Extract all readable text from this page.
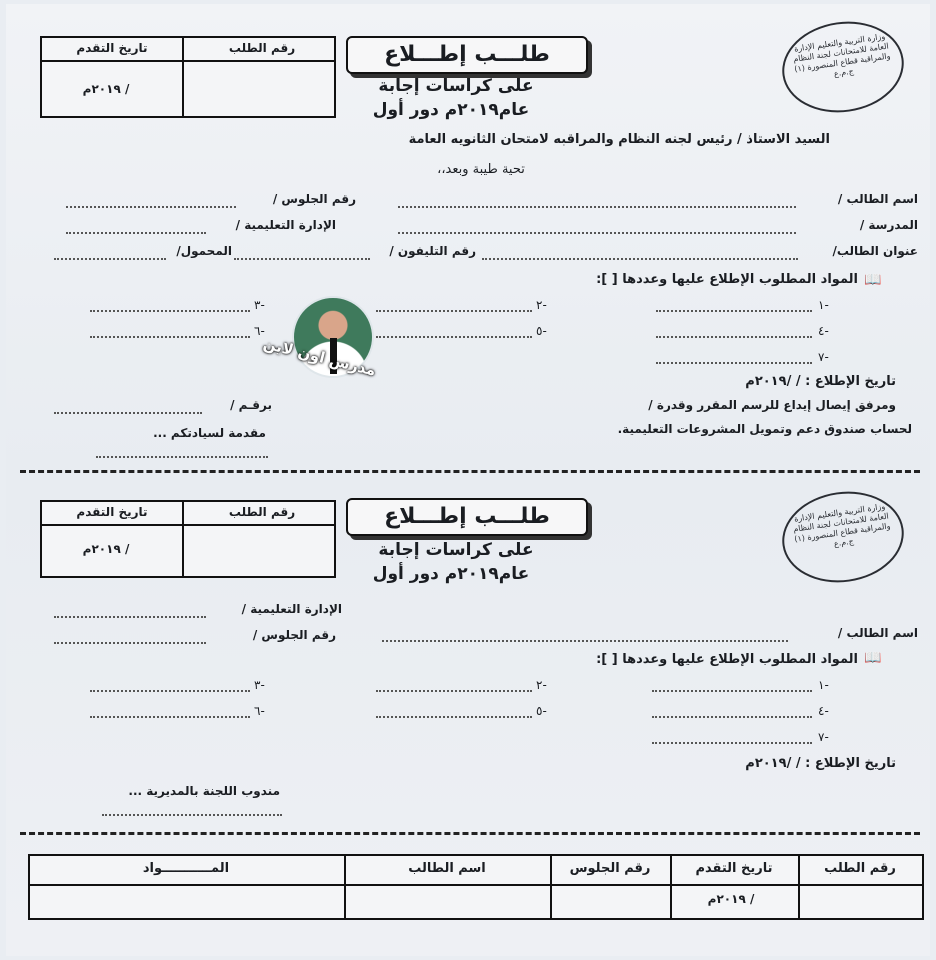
رقم الطلب
تاريخ التقدم
/ ٢٠١٩م
طلـــب إطـــلاع
على كراسات إجابة
عام٢٠١٩م دور أول
وزارة التربية والتعليم الإدارة العامة للامتحانات لجنة النظام والمراقبة قطاع المنصورة (١) ج.م.ع
السيد الاستاذ / رئيس لجنه النظام والمراقبه لامتحان الثانويه العامة
تحية طيبة وبعد،،
اسم الطالب /
رقم الجلوس /
المدرسة /
الإدارة التعليمية /
عنوان الطالب/
رقم التليفون /
المحمول/
📖
المواد المطلوب الإطلاع عليها وعددها [ ]:
١-
٢-
٣-
٤-
٥-
٦-
٧-
تاريخ الإطلاع : / /٢٠١٩م
ومرفق إيصال إيداع للرسم المقرر وقدرة /
برقـم /
لحساب صندوق دعم وتمويل المشروعات التعليمية.
مقدمة لسيادتكم ...
مدرس اون لاين
رقم الطلب
تاريخ التقدم
/ ٢٠١٩م
طلـــب إطـــلاع
على كراسات إجابة
عام٢٠١٩م دور أول
وزارة التربية والتعليم الإدارة العامة للامتحانات لجنة النظام والمراقبة قطاع المنصورة (١) ج.م.ع
الإدارة التعليمية /
رقم الجلوس /	اسم الطالب /
📖
المواد المطلوب الإطلاع عليها وعددها [ ]:
١-
٢-
٣-
٤-
٥-
٦-
٧-
تاريخ الإطلاع : / /٢٠١٩م
مندوب اللجنة بالمديرية ...
رقم الطلب
تاريخ التقدم
رقم الجلوس
اسم الطالب
المـــــــــــواد
/ ٢٠١٩م
